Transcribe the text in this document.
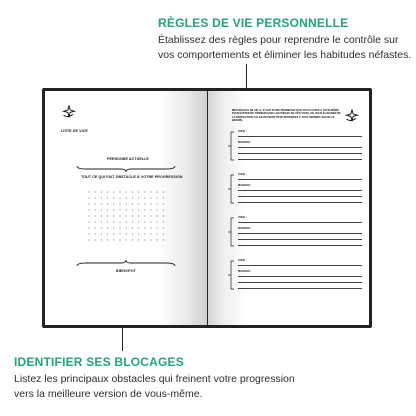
RÈGLES DE VIE PERSONNELLE

Établissez des règles pour reprendre le contrôle sur vos comportements et éliminer les habitudes néfastes.

IDENTIFIER SES BLOCAGES

Listez les principaux obstacles qui freinent votre progression vers la meilleure version de vous-même.

LISTE DE VICE
PERSONNE ACTUELLE
TOUT CE QUI FAIT OBSTACLE À VOTRE PROGRESSION
BIENVEYIT
MES RÈGLES DE VIE, IL S'AGIT D'UNE PROMESSE QUE VOUS FAITES À VOUS-MÊME POUR ÉVITER DE TOMBER DANS LES PIÈGES DE VOS VICES, DE VOUS ÉLOIGNER DE LA PERFECTION. ELLES PEUVENT ÊTRE MODIFIÉES À TOUT MOMENT SELON LE BESOIN.
VICE :
RAISON :
VICE :
RAISON :
VICE :
RAISON :
VICE :
RAISON :
